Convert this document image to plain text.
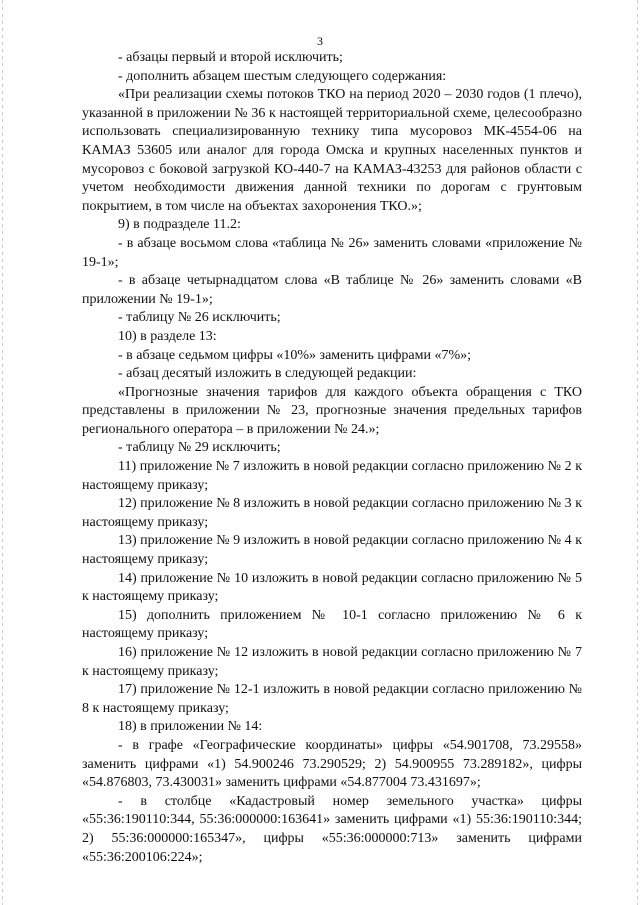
3

- абзацы первый и второй исключить;

- дополнить абзацем шестым следующего содержания:

«При реализации схемы потоков ТКО на период 2020 – 2030 годов (1 плечо), указанной в приложении № 36 к настоящей территориальной схеме, целесообразно использовать специализированную технику типа мусоровоз МК-4554-06 на КАМАЗ 53605 или аналог для города Омска и крупных населенных пунктов и мусоровоз с боковой загрузкой КО-440-7 на КАМАЗ-43253 для районов области с учетом необходимости движения данной техники по дорогам с грунтовым покрытием, в том числе на объектах захоронения ТКО.»;

9) в подразделе 11.2:

- в абзаце восьмом слова «таблица № 26» заменить словами «приложение № 19-1»;

- в абзаце четырнадцатом слова «В таблице № 26» заменить словами «В приложении № 19-1»;

- таблицу № 26 исключить;

10) в разделе 13:

- в абзаце седьмом цифры «10%» заменить цифрами «7%»;

- абзац десятый изложить в следующей редакции:

«Прогнозные значения тарифов для каждого объекта обращения с ТКО представлены в приложении № 23, прогнозные значения предельных тарифов регионального оператора – в приложении № 24.»;

- таблицу № 29 исключить;

11) приложение № 7 изложить в новой редакции согласно приложению № 2 к настоящему приказу;

12) приложение № 8 изложить в новой редакции согласно приложению № 3 к настоящему приказу;

13) приложение № 9 изложить в новой редакции согласно приложению № 4 к настоящему приказу;

14) приложение № 10 изложить в новой редакции согласно приложению № 5 к настоящему приказу;

15) дополнить приложением № 10-1 согласно приложению № 6 к настоящему приказу;

16) приложение № 12 изложить в новой редакции согласно приложению № 7 к настоящему приказу;

17) приложение № 12-1 изложить в новой редакции согласно приложению № 8 к настоящему приказу;

18) в приложении № 14:

- в графе «Географические координаты» цифры «54.901708, 73.29558» заменить цифрами «1) 54.900246 73.290529; 2) 54.900955 73.289182», цифры «54.876803, 73.430031» заменить цифрами «54.877004 73.431697»;

- в столбце «Кадастровый номер земельного участка» цифры «55:36:190110:344, 55:36:000000:163641» заменить цифрами «1) 55:36:190110:344; 2) 55:36:000000:165347», цифры «55:36:000000:713» заменить цифрами «55:36:200106:224»;
